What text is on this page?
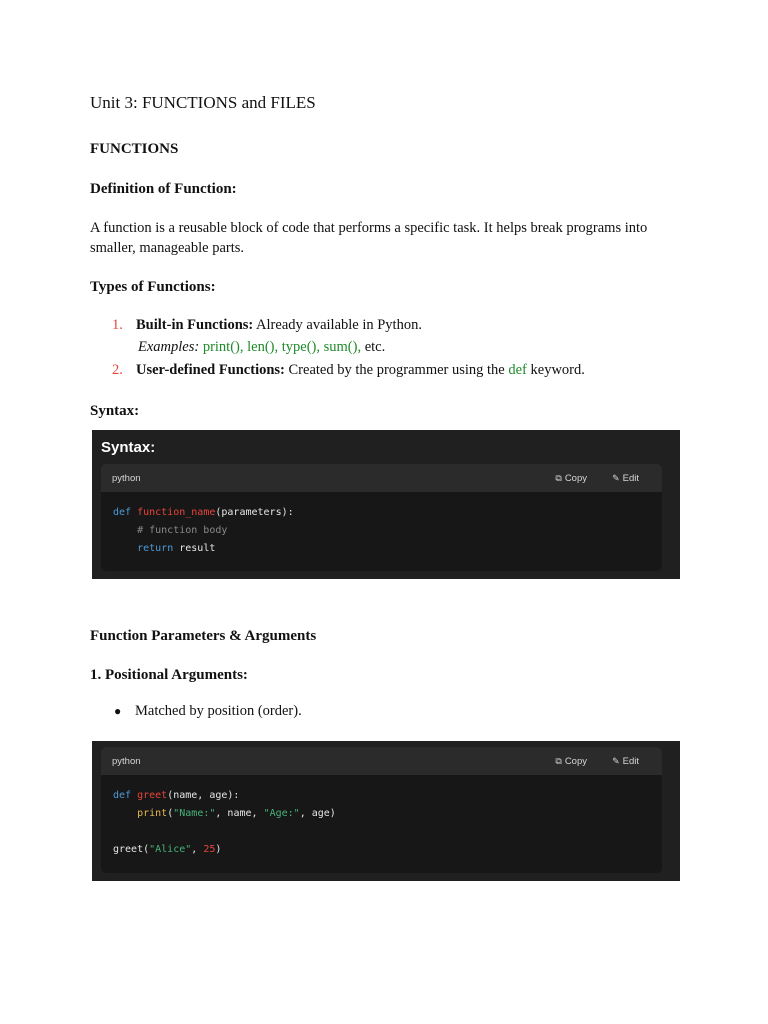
Unit 3: FUNCTIONS and FILES
FUNCTIONS
Definition of Function:
A function is a reusable block of code that performs a specific task. It helps break programs into
smaller, manageable parts.
Types of Functions:
1. Built-in Functions: Already available in Python.
Examples: print(), len(), type(), sum(), etc.
2. User-defined Functions: Created by the programmer using the def keyword.
Syntax:
Syntax:
python	⧉ Copy	✎ Edit
def function_name(parameters):
# function body
return result
Function Parameters & Arguments
1. Positional Arguments:
● Matched by position (order).
python	⧉ Copy	✎ Edit
def greet(name, age):
print("Name:", name, "Age:", age)

greet("Alice", 25)
